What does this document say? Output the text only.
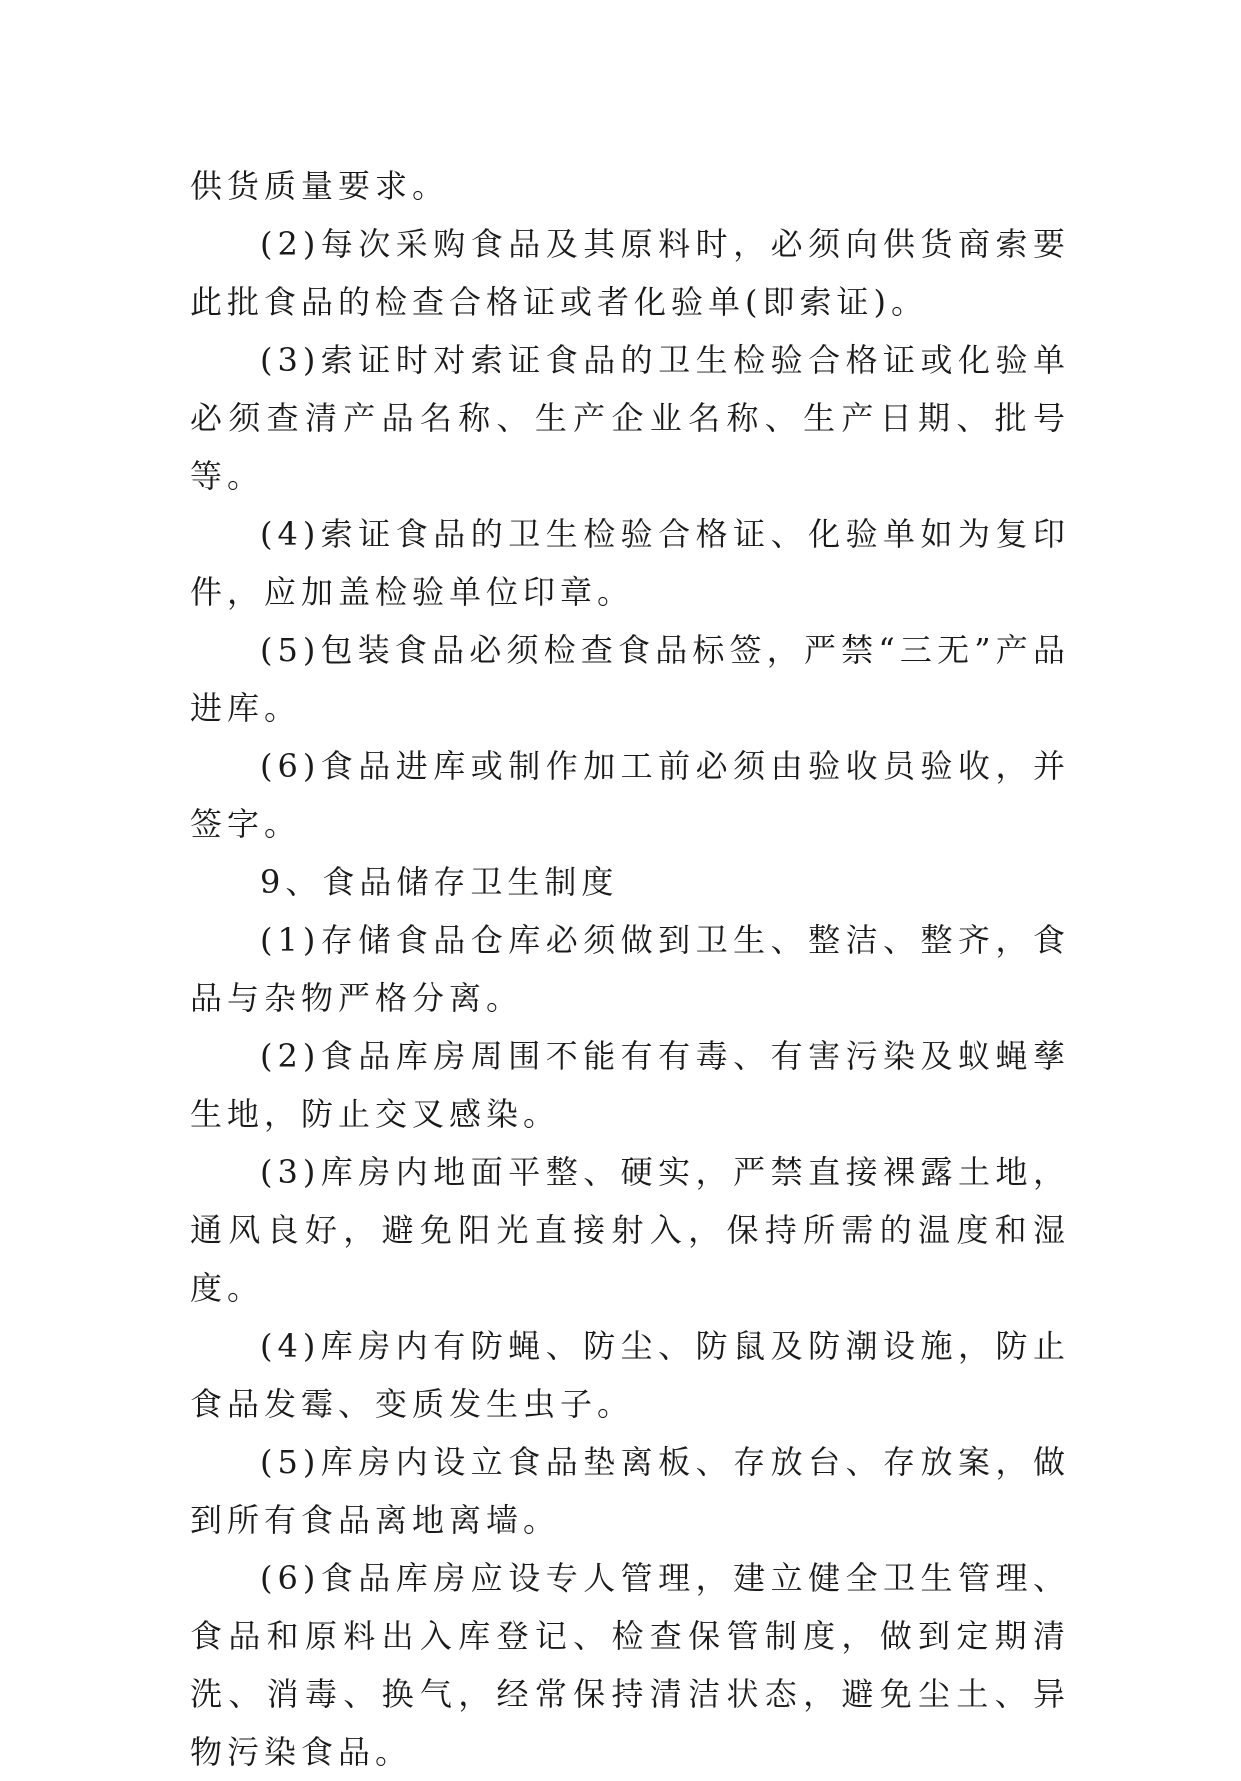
供货质量要求。

(2)每次采购食品及其原料时，必须向供货商索要此批食品的检查合格证或者化验单(即索证)。

(3)索证时对索证食品的卫生检验合格证或化验单必须查清产品名称、生产企业名称、生产日期、批号等。

(4)索证食品的卫生检验合格证、化验单如为复印件，应加盖检验单位印章。

(5)包装食品必须检查食品标签，严禁“三无”产品进库。

(6)食品进库或制作加工前必须由验收员验收，并签字。

9、食品储存卫生制度

(1)存储食品仓库必须做到卫生、整洁、整齐，食品与杂物严格分离。

(2)食品库房周围不能有有毒、有害污染及蚁蝇孳生地，防止交叉感染。

(3)库房内地面平整、硬实，严禁直接裸露土地，通风良好，避免阳光直接射入，保持所需的温度和湿度。

(4)库房内有防蝇、防尘、防鼠及防潮设施，防止食品发霉、变质发生虫子。

(5)库房内设立食品垫离板、存放台、存放案，做到所有食品离地离墙。

(6)食品库房应设专人管理，建立健全卫生管理、食品和原料出入库登记、检查保管制度，做到定期清洗、消毒、换气，经常保持清洁状态，避免尘土、异物污染食品。
